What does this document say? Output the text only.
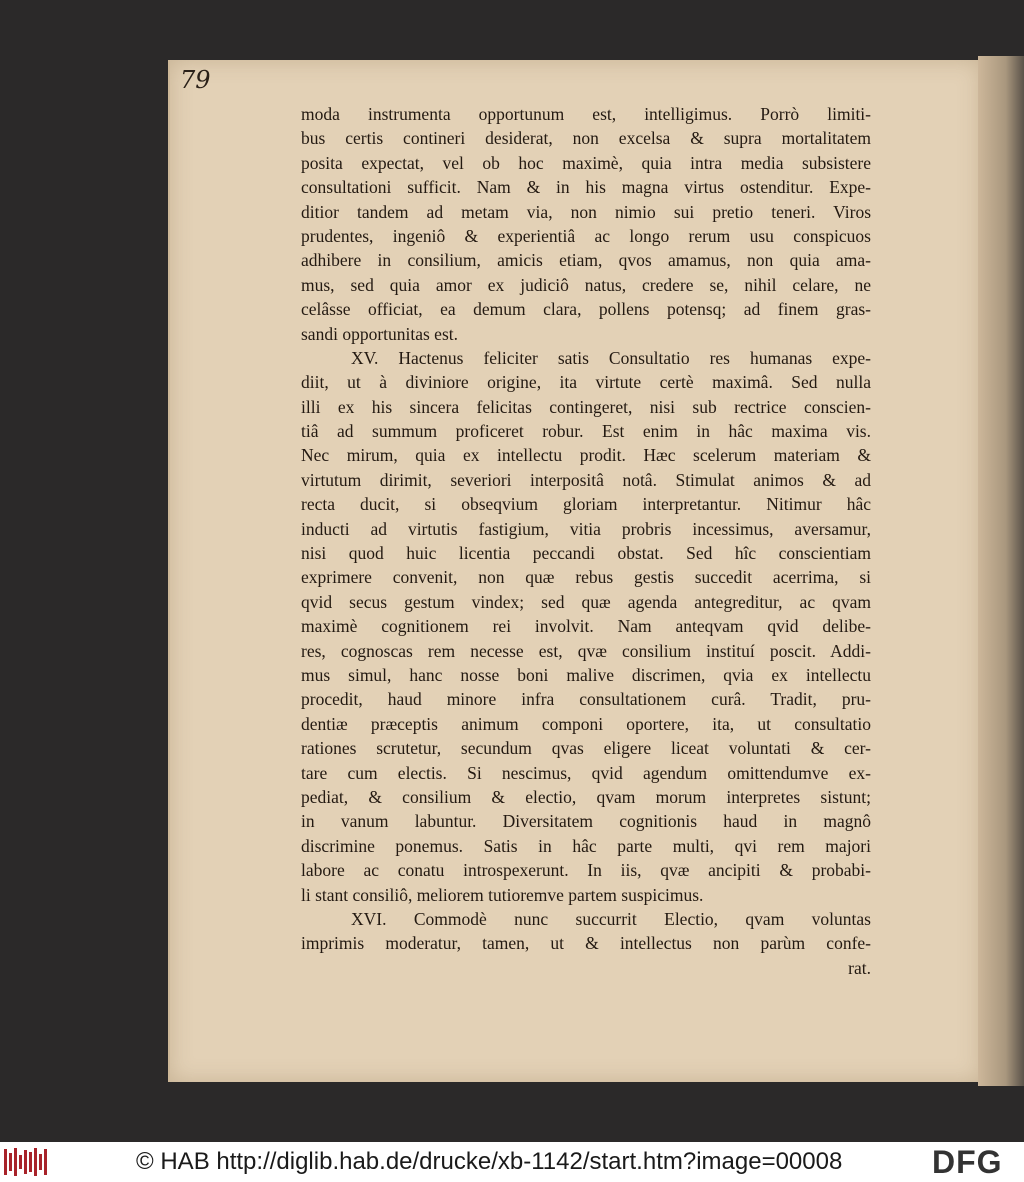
79
moda instrumenta opportunum est, intelligimus. Porrò limiti-
bus certis contineri desiderat, non excelsa & supra mortalitatem
posita expectat, vel ob hoc maximè, quia intra media subsistere
consultationi sufficit. Nam & in his magna virtus ostenditur. Expe-
ditior tandem ad metam via, non nimio sui pretio teneri. Viros
prudentes, ingeniô & experientiâ ac longo rerum usu conspicuos
adhibere in consilium, amicis etiam, qvos amamus, non quia ama-
mus, sed quia amor ex judiciô natus, credere se, nihil celare, ne
celâsse officiat, ea demum clara, pollens potensq; ad finem gras-
sandi opportunitas est.
XV. Hactenus feliciter satis Consultatio res humanas expe-
diit, ut à diviniore origine, ita virtute certè maximâ. Sed nulla
illi ex his sincera felicitas contingeret, nisi sub rectrice conscien-
tiâ ad summum proficeret robur. Est enim in hâc maxima vis.
Nec mirum, quia ex intellectu prodit. Hæc scelerum materiam &
virtutum dirimit, severiori interpositâ notâ. Stimulat animos & ad
recta ducit, si obseqvium gloriam interpretantur. Nitimur hâc
inducti ad virtutis fastigium, vitia probris incessimus, aversamur,
nisi quod huic licentia peccandi obstat. Sed hîc conscientiam
exprimere convenit, non quæ rebus gestis succedit acerrima, si
qvid secus gestum vindex; sed quæ agenda antegreditur, ac qvam
maximè cognitionem rei involvit. Nam anteqvam qvid delibe-
res, cognoscas rem necesse est, qvæ consilium instituí poscit. Addi-
mus simul, hanc nosse boni malive discrimen, qvia ex intellectu
procedit, haud minore infra consultationem curâ. Tradit, pru-
dentiæ præceptis animum componi oportere, ita, ut consultatio
rationes scrutetur, secundum qvas eligere liceat voluntati & cer-
tare cum electis. Si nescimus, qvid agendum omittendumve ex-
pediat, & consilium & electio, qvam morum interpretes sistunt;
in vanum labuntur. Diversitatem cognitionis haud in magnô
discrimine ponemus. Satis in hâc parte multi, qvi rem majori
labore ac conatu introspexerunt. In iis, qvæ ancipiti & probabi-
li stant consiliô, meliorem tutioremve partem suspicimus.
XVI. Commodè nunc succurrit Electio, qvam voluntas
imprimis moderatur, tamen, ut & intellectus non parùm confe-
rat.
© HAB http://diglib.hab.de/drucke/xb-1142/start.htm?image=00008	DFG
